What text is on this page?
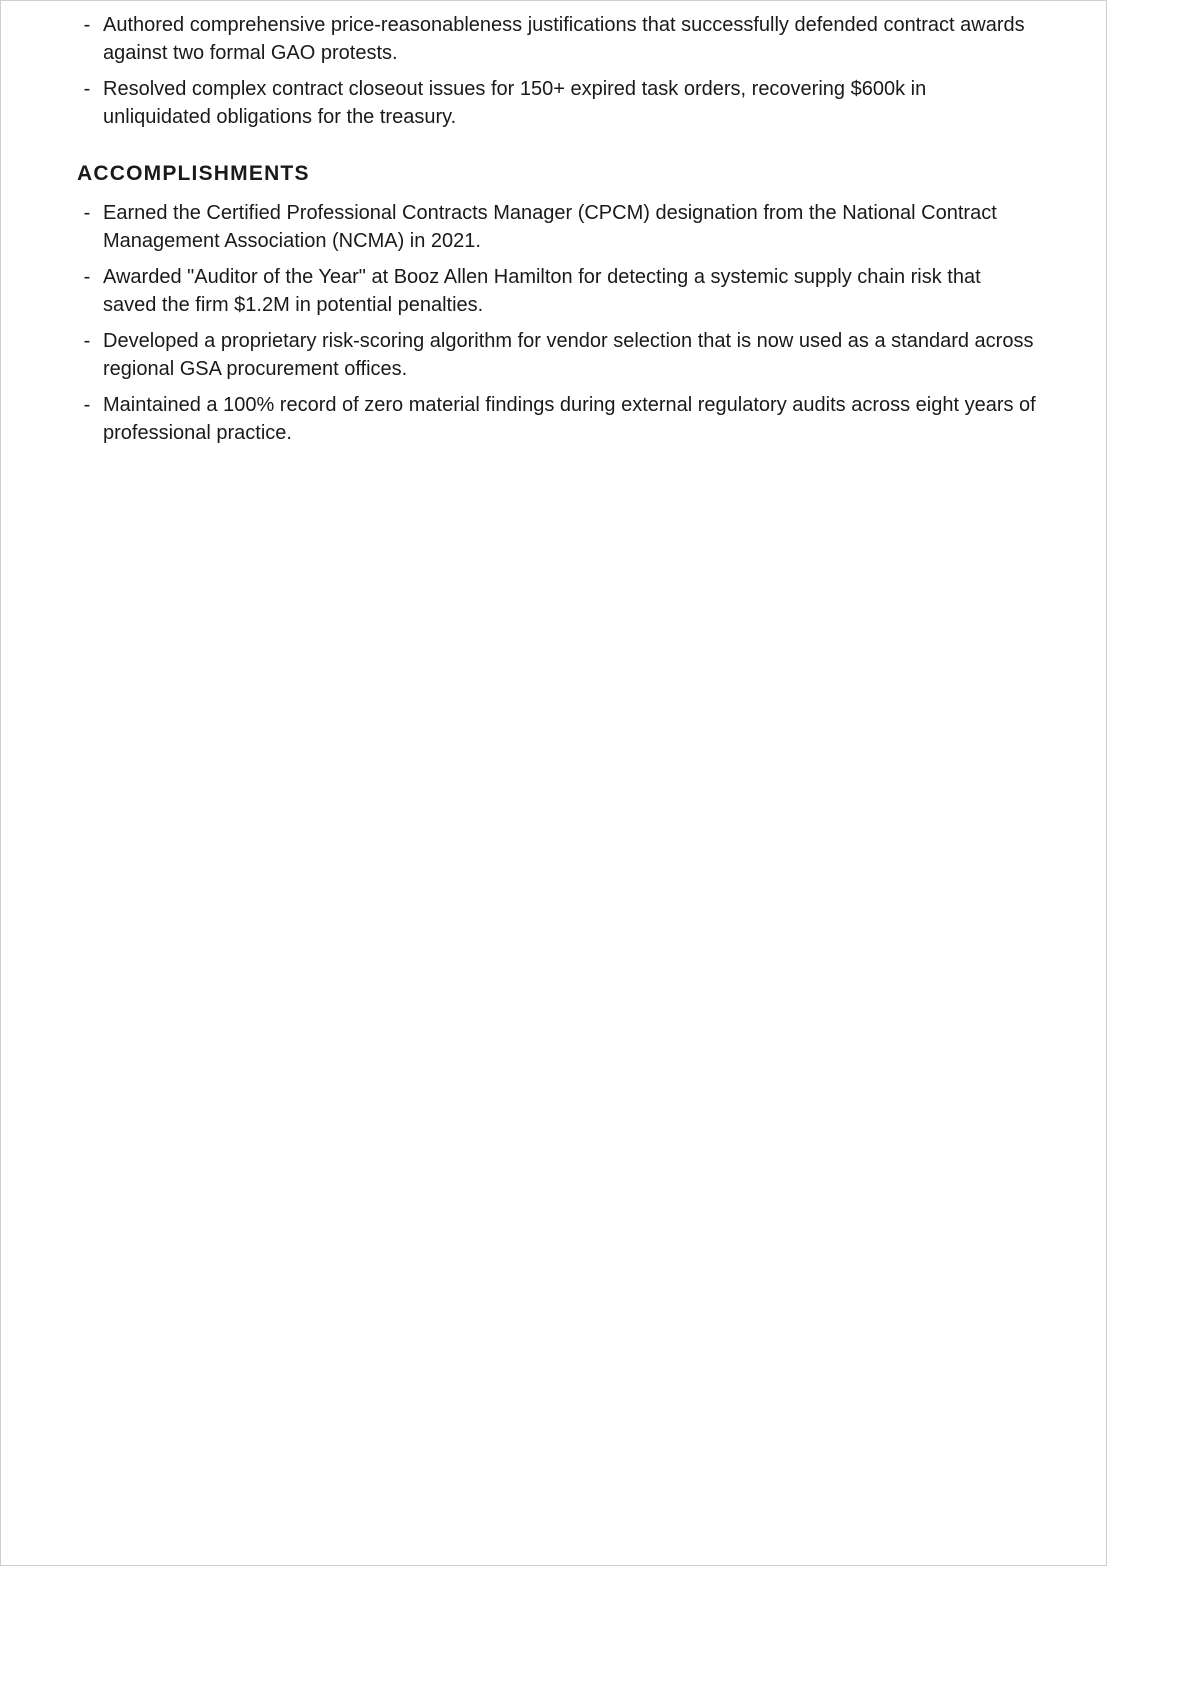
- Authored comprehensive price-reasonableness justifications that successfully defended contract awards against two formal GAO protests.
- Resolved complex contract closeout issues for 150+ expired task orders, recovering $600k in unliquidated obligations for the treasury.
ACCOMPLISHMENTS
- Earned the Certified Professional Contracts Manager (CPCM) designation from the National Contract Management Association (NCMA) in 2021.
- Awarded "Auditor of the Year" at Booz Allen Hamilton for detecting a systemic supply chain risk that saved the firm $1.2M in potential penalties.
- Developed a proprietary risk-scoring algorithm for vendor selection that is now used as a standard across regional GSA procurement offices.
- Maintained a 100% record of zero material findings during external regulatory audits across eight years of professional practice.
